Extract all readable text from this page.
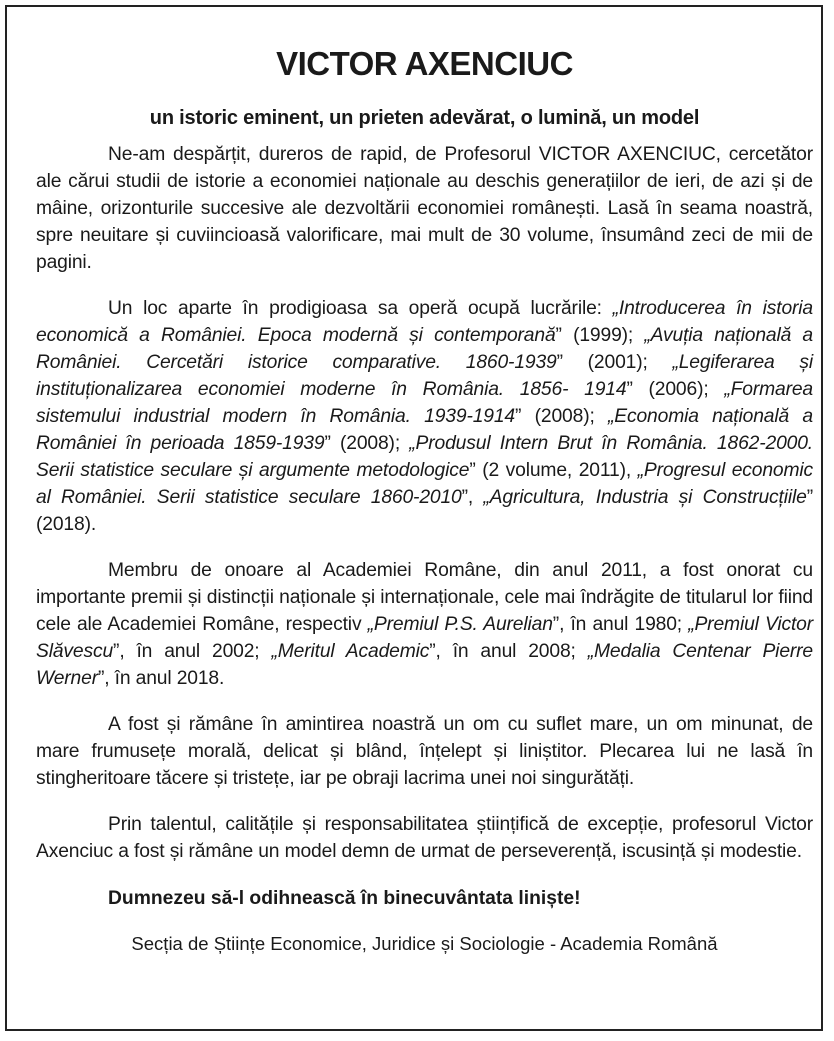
VICTOR AXENCIUC
un istoric eminent, un prieten adevărat, o lumină, un model

Ne-am despărțit, dureros de rapid, de Profesorul VICTOR AXENCIUC, cercetător ale cărui studii de istorie a economiei naționale au deschis generațiilor de ieri, de azi și de mâine, orizonturile succesive ale dezvoltării economiei românești. Lasă în seama noastră, spre neuitare și cuviincioasă valorificare, mai mult de 30 volume, însumând zeci de mii de pagini.

Un loc aparte în prodigioasa sa operă ocupă lucrările: „Introducerea în istoria economică a României. Epoca modernă și contemporană” (1999); „Avuția națională a României. Cercetări istorice comparative. 1860-1939” (2001); „Legiferarea și instituționalizarea economiei moderne în România. 1856- 1914” (2006); „Formarea sistemului industrial modern în România. 1939-1914” (2008); „Economia națională a României în perioada 1859-1939” (2008); „Produsul Intern Brut în România. 1862-2000. Serii statistice seculare și argumente metodologice” (2 volume, 2011), „Progresul economic al României. Serii statistice seculare 1860-2010”, „Agricultura, Industria și Construcțiile” (2018).

Membru de onoare al Academiei Române, din anul 2011, a fost onorat cu importante premii și distincții naționale și internaționale, cele mai îndrăgite de titularul lor fiind cele ale Academiei Române, respectiv „Premiul P.S. Aurelian”, în anul 1980; „Premiul Victor Slăvescu”, în anul 2002; „Meritul Academic”, în anul 2008; „Medalia Centenar Pierre Werner”, în anul 2018.

A fost și rămâne în amintirea noastră un om cu suflet mare, un om minunat, de mare frumusețe morală, delicat și blând, înțelept și liniștitor. Plecarea lui ne lasă în stingheritoare tăcere și tristețe, iar pe obraji lacrima unei noi singurătăți.

Prin talentul, calitățile și responsabilitatea științifică de excepție, profesorul Victor Axenciuc a fost și rămâne un model demn de urmat de perseverență, iscusință și modestie.

Dumnezeu să-l odihnească în binecuvântata liniște!
Secția de Științe Economice, Juridice și Sociologie - Academia Română
